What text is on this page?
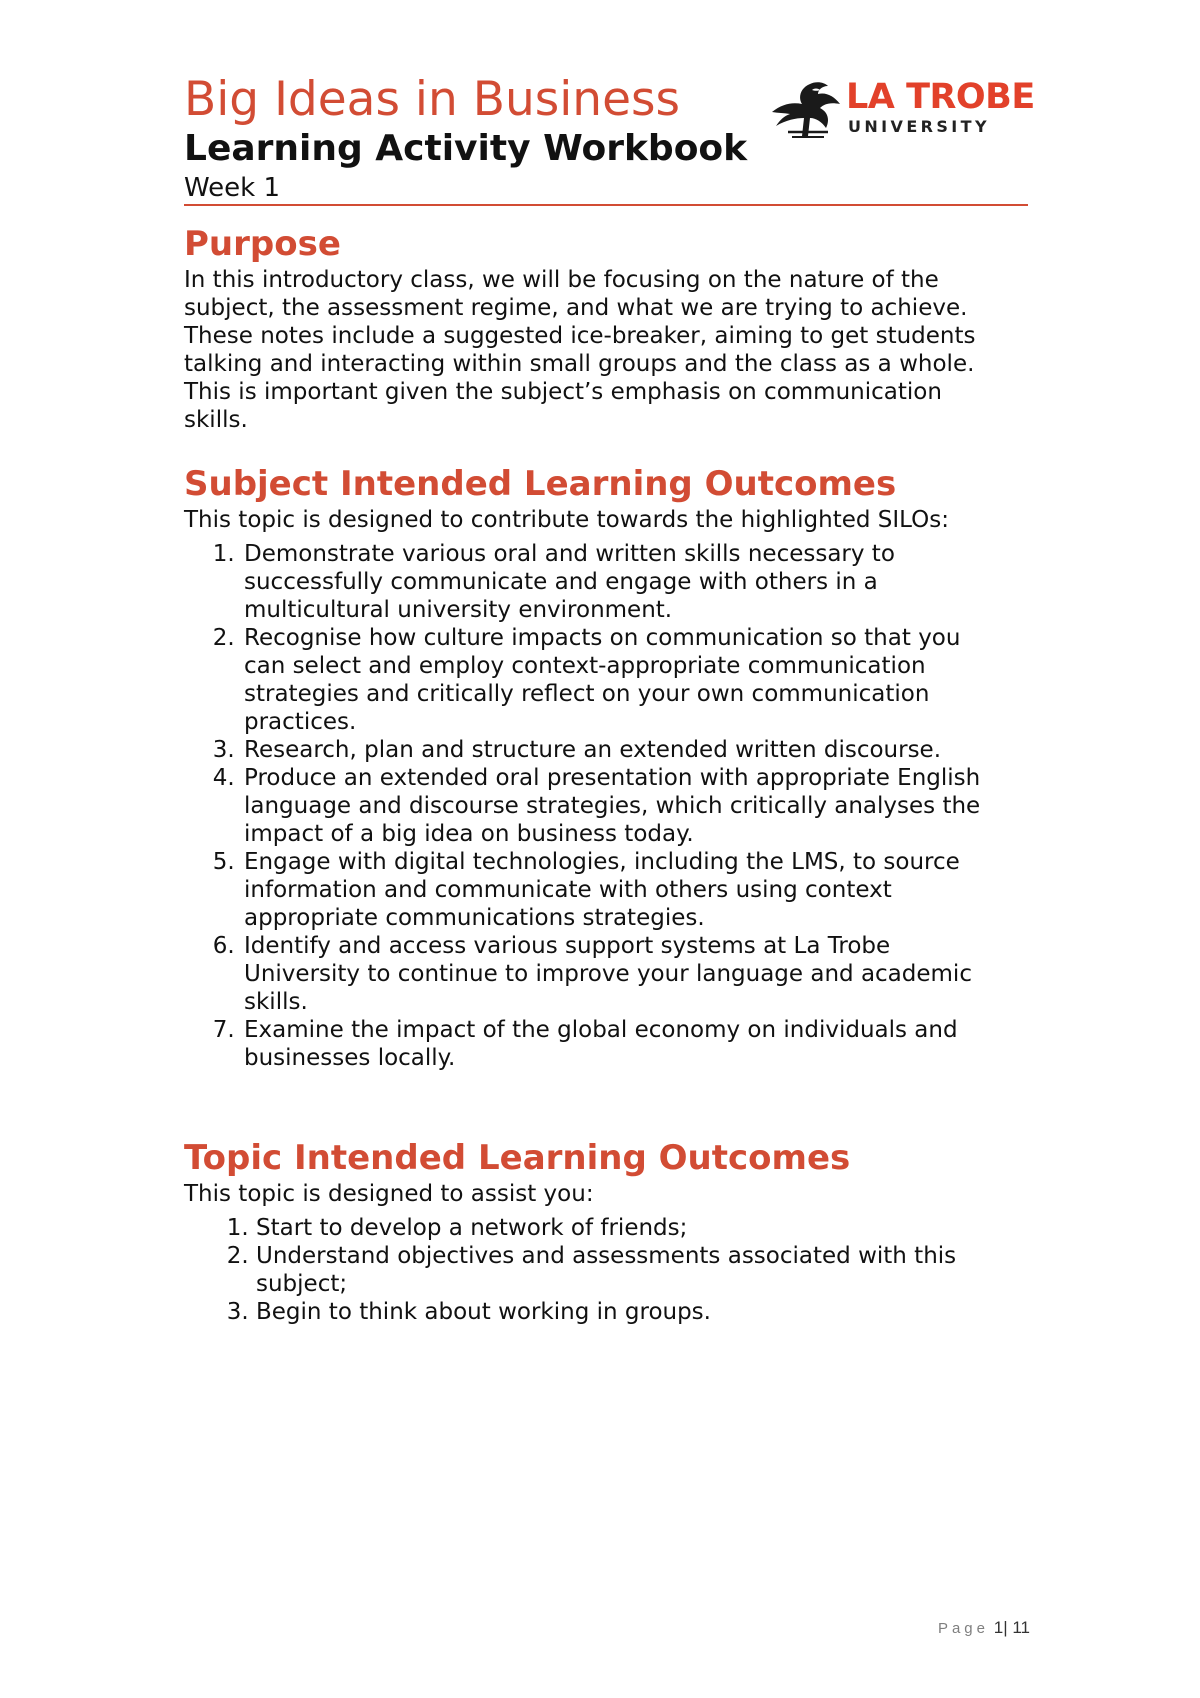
Big Ideas in Business
Learning Activity Workbook
Week 1
LA TROBE
UNIVERSITY
Purpose

In this introductory class, we will be focusing on the nature of the
subject, the assessment regime, and what we are trying to achieve.
These notes include a suggested ice-breaker, aiming to get students
talking and interacting within small groups and the class as a whole.
This is important given the subject’s emphasis on communication
skills.

Subject Intended Learning Outcomes

This topic is designed to contribute towards the highlighted SILOs:

1. Demonstrate various oral and written skills necessary to
successfully communicate and engage with others in a
multicultural university environment.
2. Recognise how culture impacts on communication so that you
can select and employ context-appropriate communication
strategies and critically reflect on your own communication
practices.
3. Research, plan and structure an extended written discourse.
4. Produce an extended oral presentation with appropriate English
language and discourse strategies, which critically analyses the
impact of a big idea on business today.
5. Engage with digital technologies, including the LMS, to source
information and communicate with others using context
appropriate communications strategies.
6. Identify and access various support systems at La Trobe
University to continue to improve your language and academic
skills.
7. Examine the impact of the global economy on individuals and
businesses locally.
Topic Intended Learning Outcomes

This topic is designed to assist you:

1. Start to develop a network of friends;
2. Understand objectives and assessments associated with this
subject;
3. Begin to think about working in groups.
Page 1| 11
